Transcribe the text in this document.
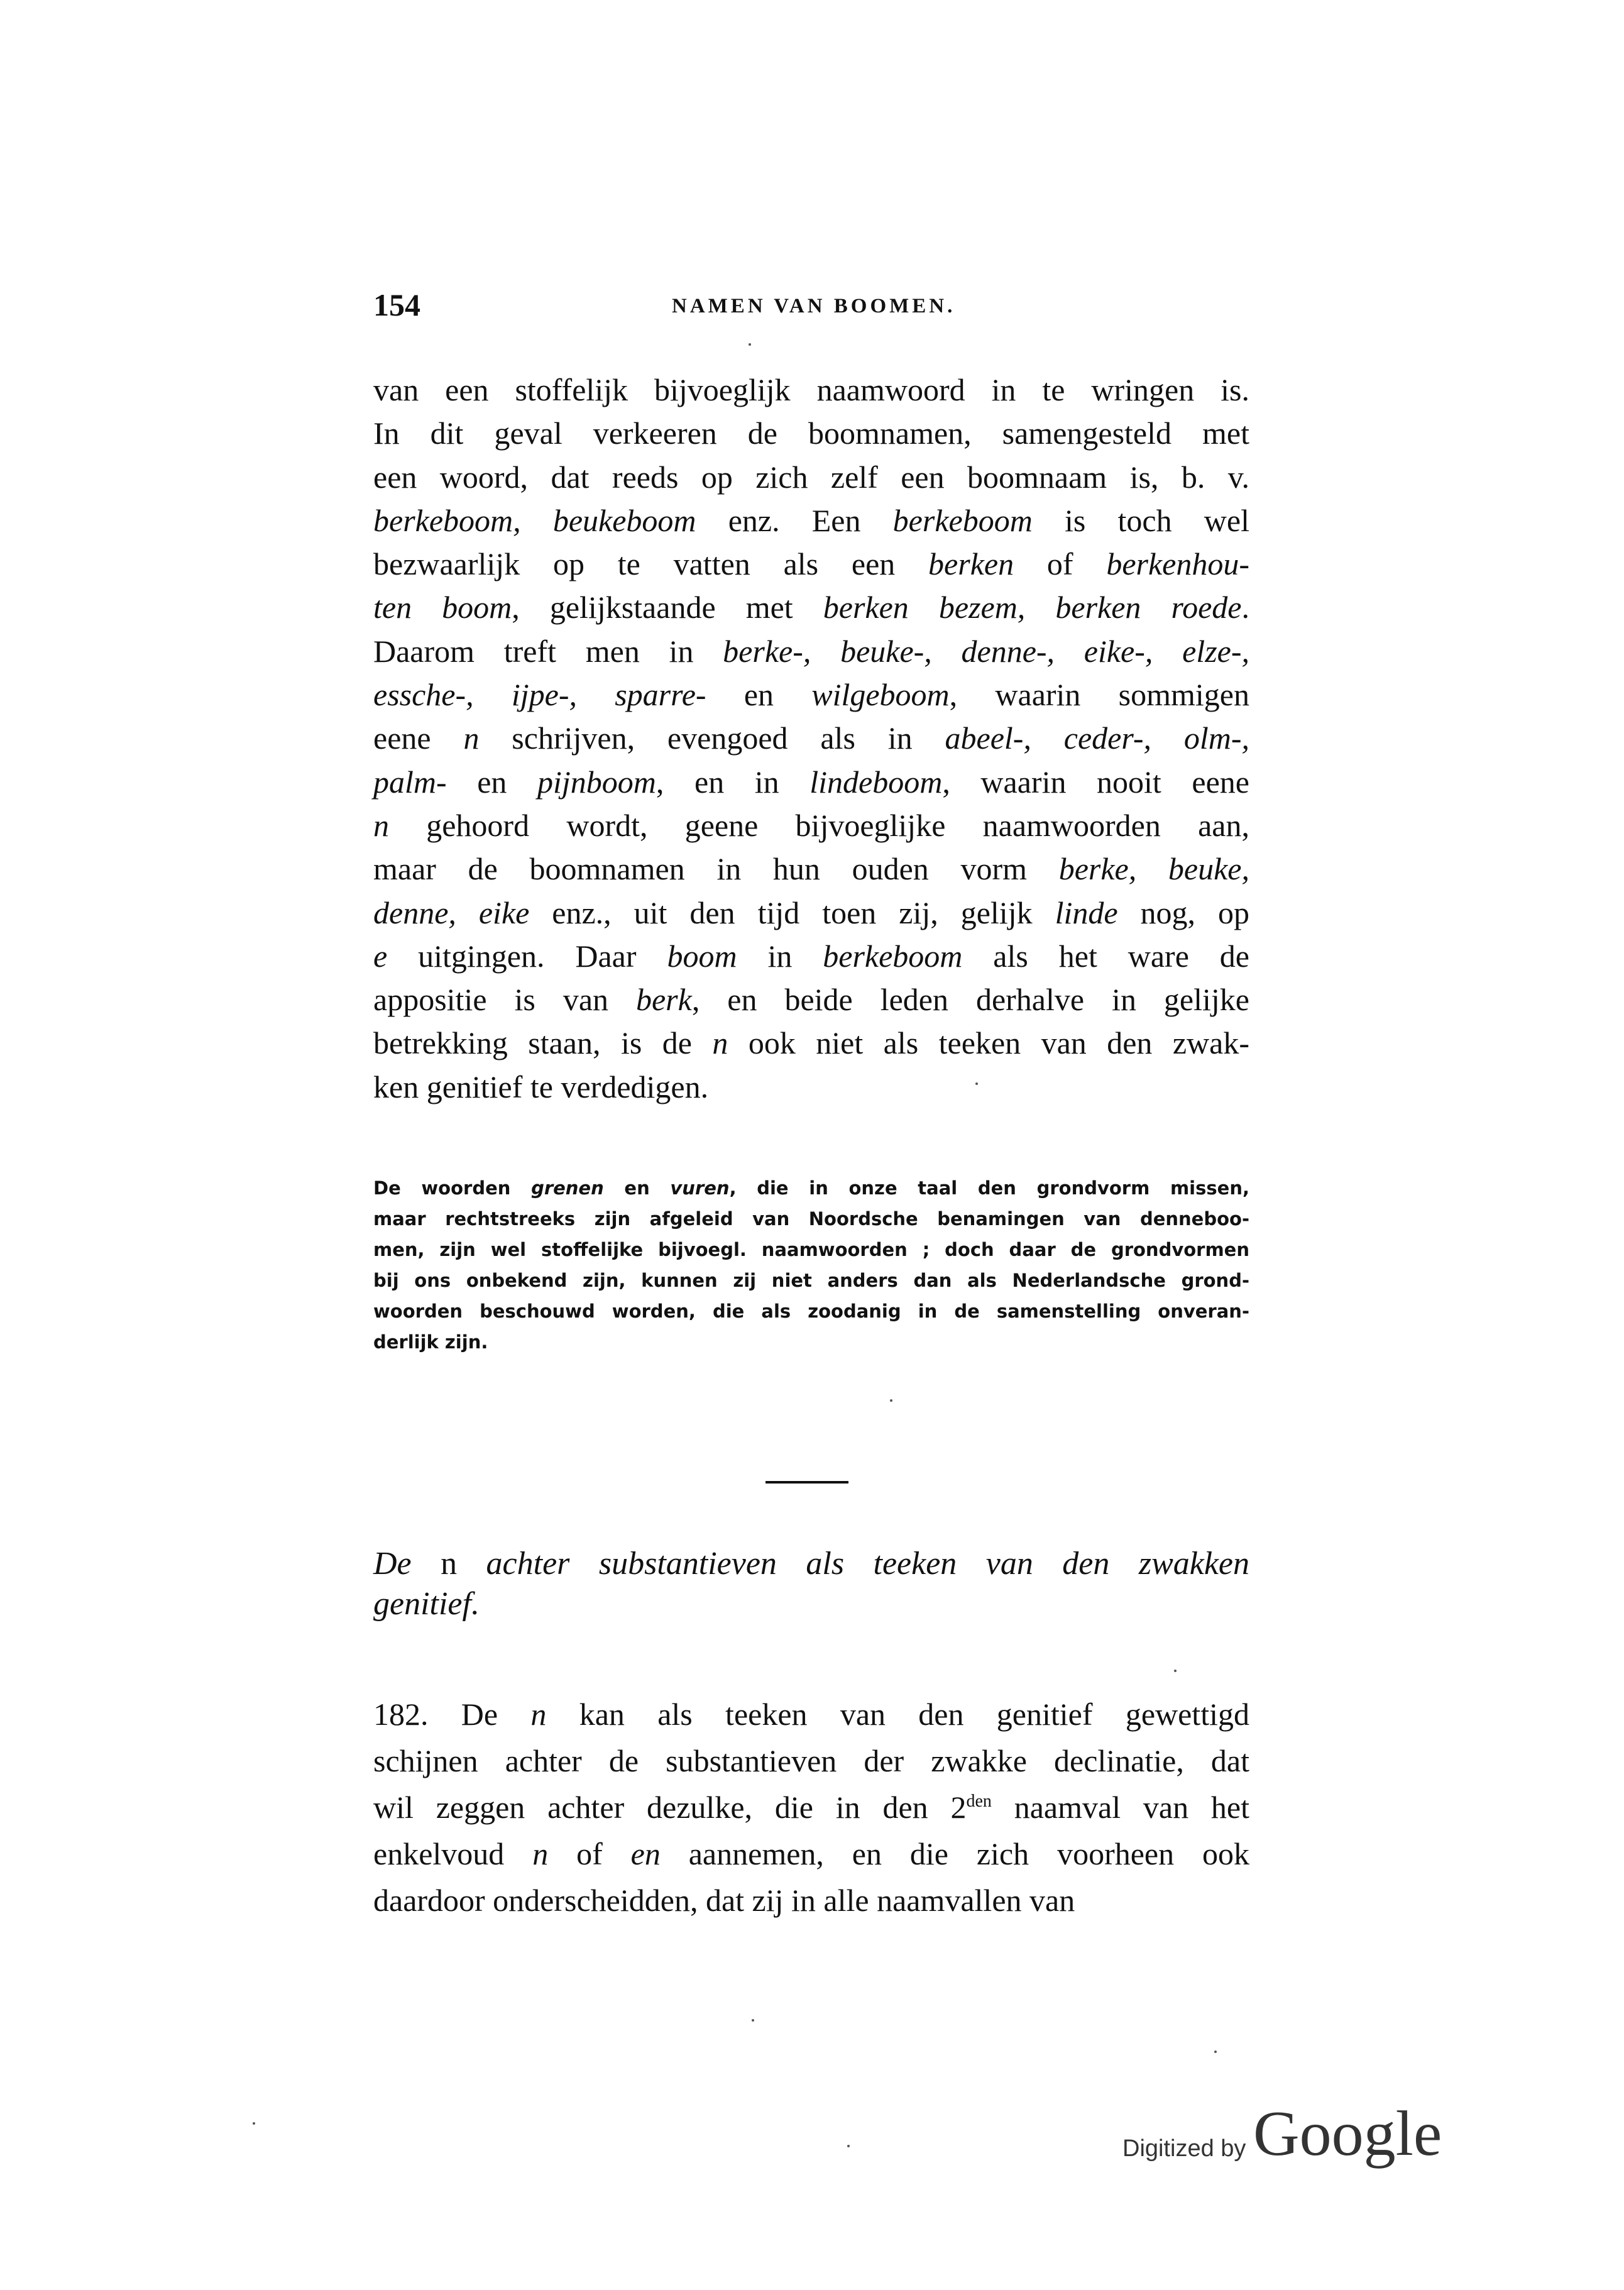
154	NAMEN VAN BOOMEN.
van een stoffelijk bijvoeglijk naamwoord in te wringen is.
In dit geval verkeeren de boomnamen, samengesteld met
een woord, dat reeds op zich zelf een boomnaam is, b. v.
berkeboom, beukeboom enz. Een berkeboom is toch wel
bezwaarlijk op te vatten als een berken of berkenhou-
ten boom, gelijkstaande met berken bezem, berken roede.
Daarom treft men in berke-, beuke-, denne-, eike-, elze-,
essche-, ijpe-, sparre- en wilgeboom, waarin sommigen
eene n schrijven, evengoed als in abeel-, ceder-, olm-,
palm- en pijnboom, en in lindeboom, waarin nooit eene
n gehoord wordt, geene bijvoeglijke naamwoorden aan,
maar de boomnamen in hun ouden vorm berke, beuke,
denne, eike enz., uit den tijd toen zij, gelijk linde nog, op
e uitgingen. Daar boom in berkeboom als het ware de
appositie is van berk, en beide leden derhalve in gelijke
betrekking staan, is de n ook niet als teeken van den zwak-
ken genitief te verdedigen.
De woorden grenen en vuren, die in onze taal den grondvorm missen,
maar rechtstreeks zijn afgeleid van Noordsche benamingen van denneboo-
men, zijn wel stoffelijke bijvoegl. naamwoorden ; doch daar de grondvormen
bij ons onbekend zijn, kunnen zij niet anders dan als Nederlandsche grond-
woorden beschouwd worden, die als zoodanig in de samenstelling onveran-
derlijk zijn.
De n achter substantieven als teeken van den zwakken
genitief.
182. De n kan als teeken van den genitief gewettigd
schijnen achter de substantieven der zwakke declinatie, dat
wil zeggen achter dezulke, die in den $2^{den}$ naamval van het
enkelvoud n of en aannemen, en die zich voorheen ook
daardoor onderscheidden, dat zij in alle naamvallen van
Digitized by Google
